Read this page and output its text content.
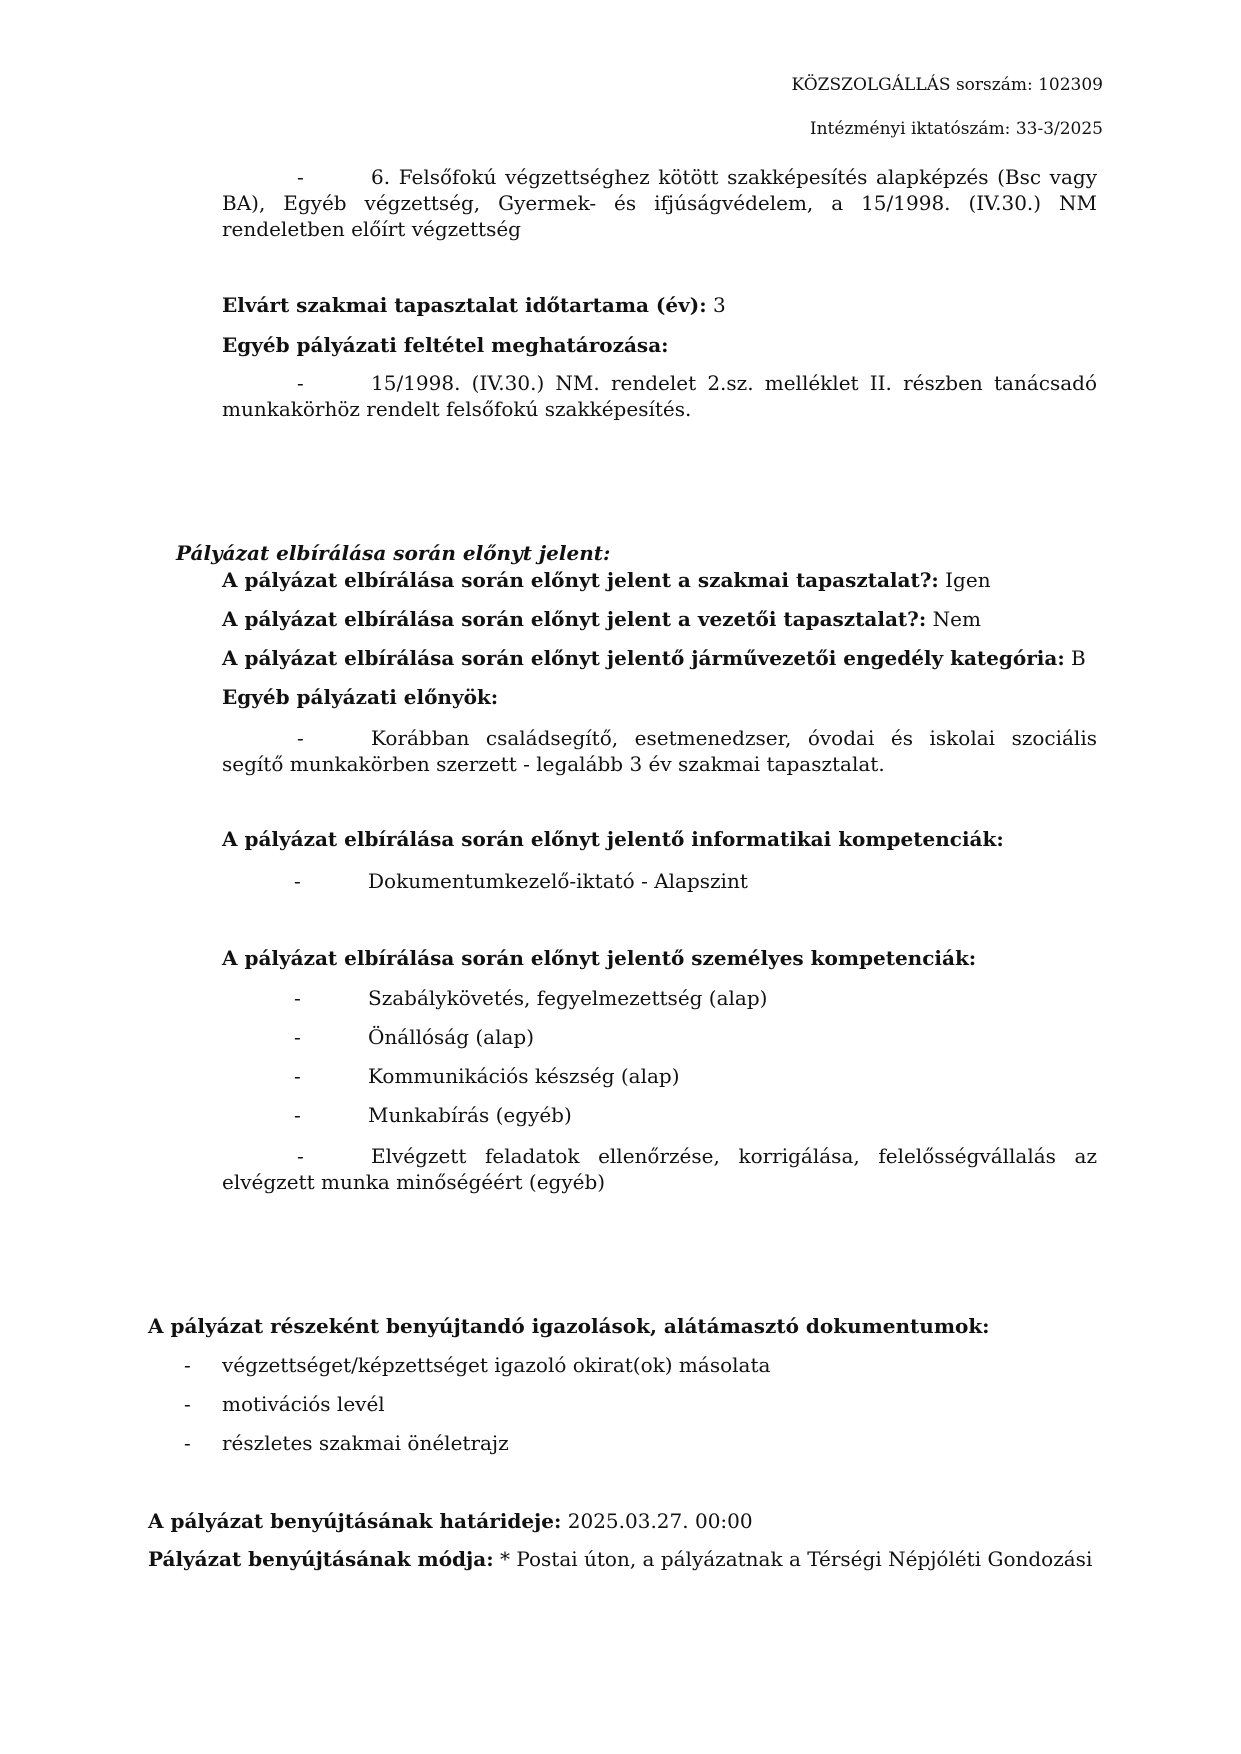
KÖZSZOLGÁLLÁS sorszám: 102309
Intézményi iktatószám: 33-3/2025
-	6. Felsőfokú végzettséghez kötött szakképesítés alapképzés (Bsc vagy BA), Egyéb végzettség, Gyermek- és ifjúságvédelem, a 15/1998. (IV.30.) NM rendeletben előírt végzettség
Elvárt szakmai tapasztalat időtartama (év): 3
Egyéb pályázati feltétel meghatározása:
-	15/1998. (IV.30.) NM. rendelet 2.sz. melléklet II. részben tanácsadó munkakörhöz rendelt felsőfokú szakképesítés.
Pályázat elbírálása során előnyt jelent:
A pályázat elbírálása során előnyt jelent a szakmai tapasztalat?: Igen
A pályázat elbírálása során előnyt jelent a vezetői tapasztalat?: Nem
A pályázat elbírálása során előnyt jelentő járművezetői engedély kategória: B
Egyéb pályázati előnyök:
-	Korábban családsegítő, esetmenedzser, óvodai és iskolai szociális segítő munkakörben szerzett - legalább 3 év szakmai tapasztalat.
A pályázat elbírálása során előnyt jelentő informatikai kompetenciák:
-	Dokumentumkezelő-iktató - Alapszint
A pályázat elbírálása során előnyt jelentő személyes kompetenciák:
-	Szabálykövetés, fegyelmezettség (alap)
-	Önállóság (alap)
-	Kommunikációs készség (alap)
-	Munkabírás (egyéb)
-	Elvégzett feladatok ellenőrzése, korrigálása, felelősségvállalás az elvégzett munka minőségéért (egyéb)
A pályázat részeként benyújtandó igazolások, alátámasztó dokumentumok:
- végzettséget/képzettséget igazoló okirat(ok) másolata
- motivációs levél
- részletes szakmai önéletrajz
A pályázat benyújtásának határideje: 2025.03.27. 00:00
Pályázat benyújtásának módja: * Postai úton, a pályázatnak a Térségi Népjóléti Gondozási
